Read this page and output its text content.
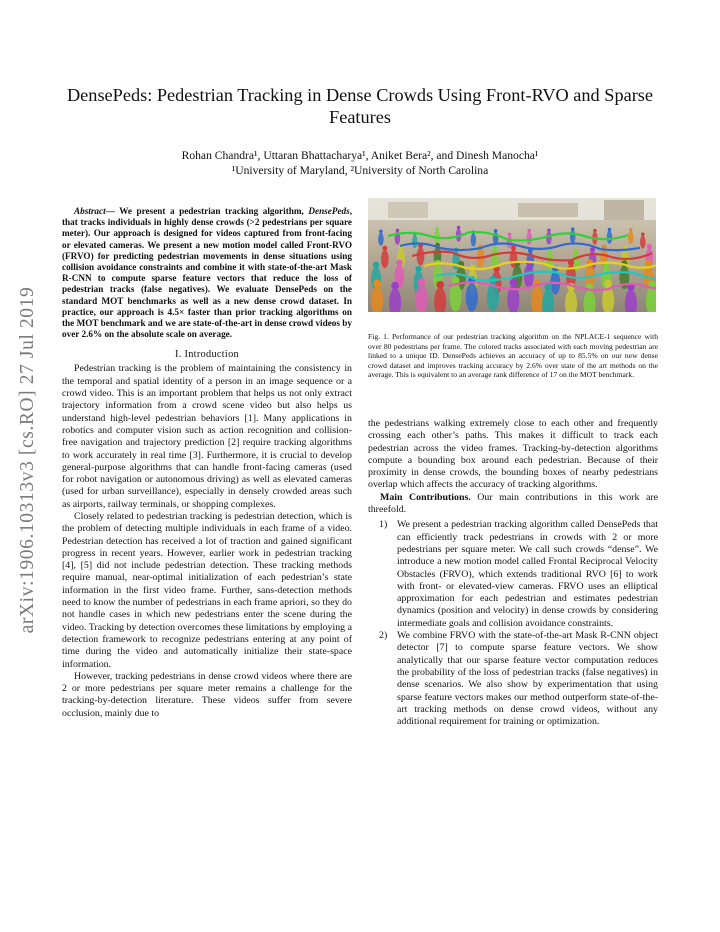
arXiv:1906.10313v3 [cs.RO] 27 Jul 2019
DensePeds: Pedestrian Tracking in Dense Crowds Using Front-RVO and Sparse Features
Rohan Chandra¹, Uttaran Bhattacharya¹, Aniket Bera², and Dinesh Manocha¹
¹University of Maryland, ²University of North Carolina

Abstract— We present a pedestrian tracking algorithm, DensePeds, that tracks individuals in highly dense crowds (>2 pedestrians per square meter). Our approach is designed for videos captured from front-facing or elevated cameras. We present a new motion model called Front-RVO (FRVO) for predicting pedestrian movements in dense situations using collision avoidance constraints and combine it with state-of-the-art Mask R-CNN to compute sparse feature vectors that reduce the loss of pedestrian tracks (false negatives). We evaluate DensePeds on the standard MOT benchmarks as well as a new dense crowd dataset. In practice, our approach is 4.5× faster than prior tracking algorithms on the MOT benchmark and we are state-of-the-art in dense crowd videos by over 2.6% on the absolute scale on average.

I. Introduction

Pedestrian tracking is the problem of maintaining the consistency in the temporal and spatial identity of a person in an image sequence or a crowd video. This is an important problem that helps us not only extract trajectory information from a crowd scene video but also helps us understand high-level pedestrian behaviors [1]. Many applications in robotics and computer vision such as action recognition and collision-free navigation and trajectory prediction [2] require tracking algorithms to work accurately in real time [3]. Furthermore, it is crucial to develop general-purpose algorithms that can handle front-facing cameras (used for robot navigation or autonomous driving) as well as elevated cameras (used for urban surveillance), especially in densely crowded areas such as airports, railway terminals, or shopping complexes.

Closely related to pedestrian tracking is pedestrian detection, which is the problem of detecting multiple individuals in each frame of a video. Pedestrian detection has received a lot of traction and gained significant progress in recent years. However, earlier work in pedestrian tracking [4], [5] did not include pedestrian detection. These tracking methods require manual, near-optimal initialization of each pedestrian’s state information in the first video frame. Further, sans-detection methods need to know the number of pedestrians in each frame apriori, so they do not handle cases in which new pedestrians enter the scene during the video. Tracking by detection overcomes these limitations by employing a detection framework to recognize pedestrians entering at any point of time during the video and automatically initialize their state-space information.

However, tracking pedestrians in dense crowd videos where there are 2 or more pedestrians per square meter remains a challenge for the tracking-by-detection literature. These videos suffer from severe occlusion, mainly due to

Fig. 1. Performance of our pedestrian tracking algorithm on the NPLACE-1 sequence with over 80 pedestrians per frame. The colored tracks associated with each moving pedestrian are linked to a unique ID. DensePeds achieves an accuracy of up to 85.5% on our new dense crowd dataset and improves tracking accuracy by 2.6% over state of the art methods on the average. This is equivalent to an average rank difference of 17 on the MOT benchmark.

the pedestrians walking extremely close to each other and frequently crossing each other’s paths. This makes it difficult to track each pedestrian across the video frames. Tracking-by-detection algorithms compute a bounding box around each pedestrian. Because of their proximity in dense crowds, the bounding boxes of nearby pedestrians overlap which affects the accuracy of tracking algorithms.

Main Contributions. Our main contributions in this work are threefold.

1) We present a pedestrian tracking algorithm called DensePeds that can efficiently track pedestrians in crowds with 2 or more pedestrians per square meter. We call such crowds “dense”. We introduce a new motion model called Frontal Reciprocal Velocity Obstacles (FRVO), which extends traditional RVO [6] to work with front- or elevated-view cameras. FRVO uses an elliptical approximation for each pedestrian and estimates pedestrian dynamics (position and velocity) in dense crowds by considering intermediate goals and collision avoidance constraints.
2) We combine FRVO with the state-of-the-art Mask R-CNN object detector [7] to compute sparse feature vectors. We show analytically that our sparse feature vector computation reduces the probability of the loss of pedestrian tracks (false negatives) in dense scenarios. We also show by experimentation that using sparse feature vectors makes our method outperform state-of-the-art tracking methods on dense crowd videos, without any additional requirement for training or optimization.
